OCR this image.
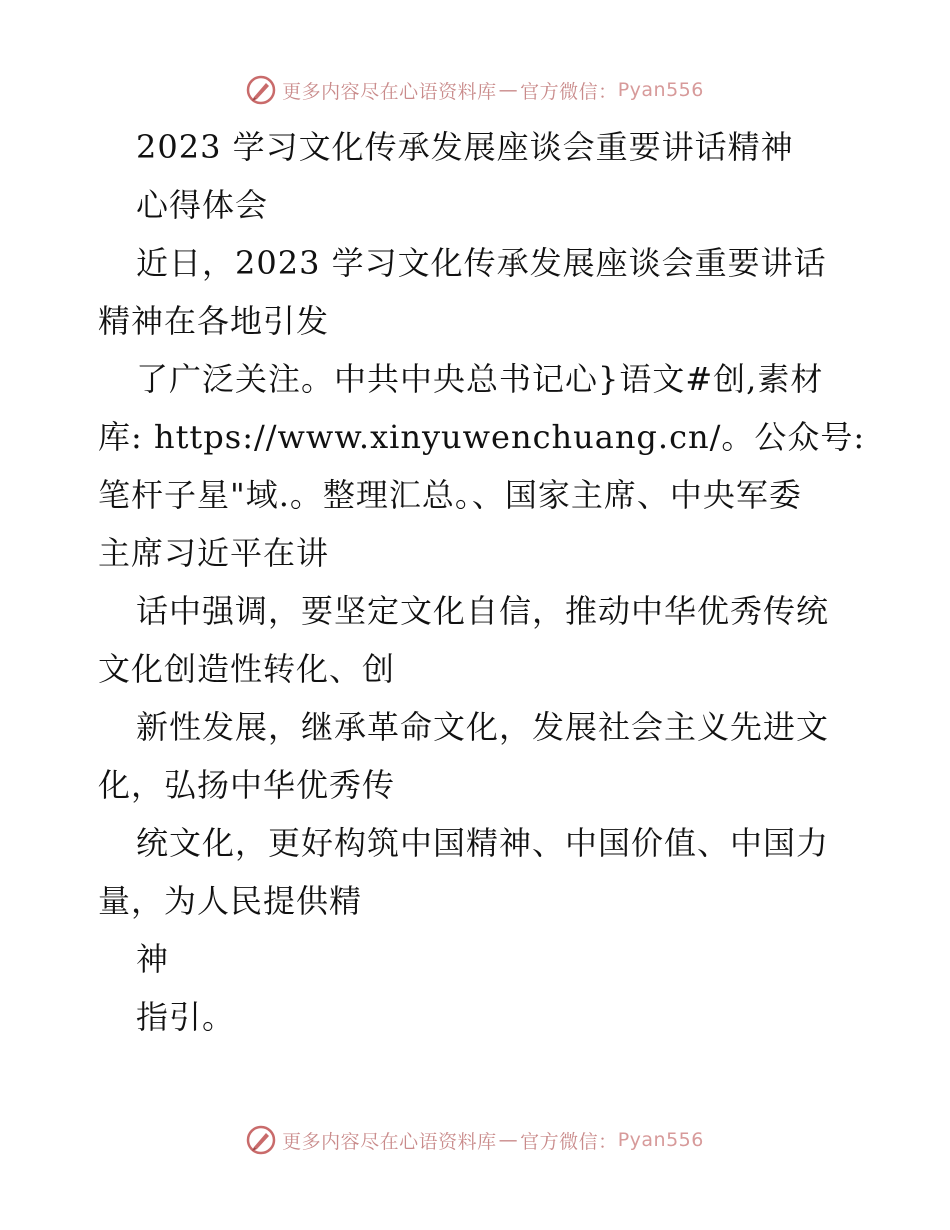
更多内容尽在心语资料库 — 官方微信： Pyan556
2023 学习文化传承发展座谈会重要讲话精神
心得体会
近日，2023 学习文化传承发展座谈会重要讲话
精神在各地引发
了广泛关注。中共中央总书记心}语文#创,素材
库: https://www.xinyuwenchuang.cn/。公众号:
笔杆子星"域.。整理汇总。、国家主席、中央军委
主席习近平在讲
话中强调，要坚定文化自信，推动中华优秀传统
文化创造性转化、创
新性发展，继承革命文化，发展社会主义先进文
化，弘扬中华优秀传
统文化，更好构筑中国精神、中国价值、中国力
量，为人民提供精
神
指引。
更多内容尽在心语资料库 — 官方微信： Pyan556
